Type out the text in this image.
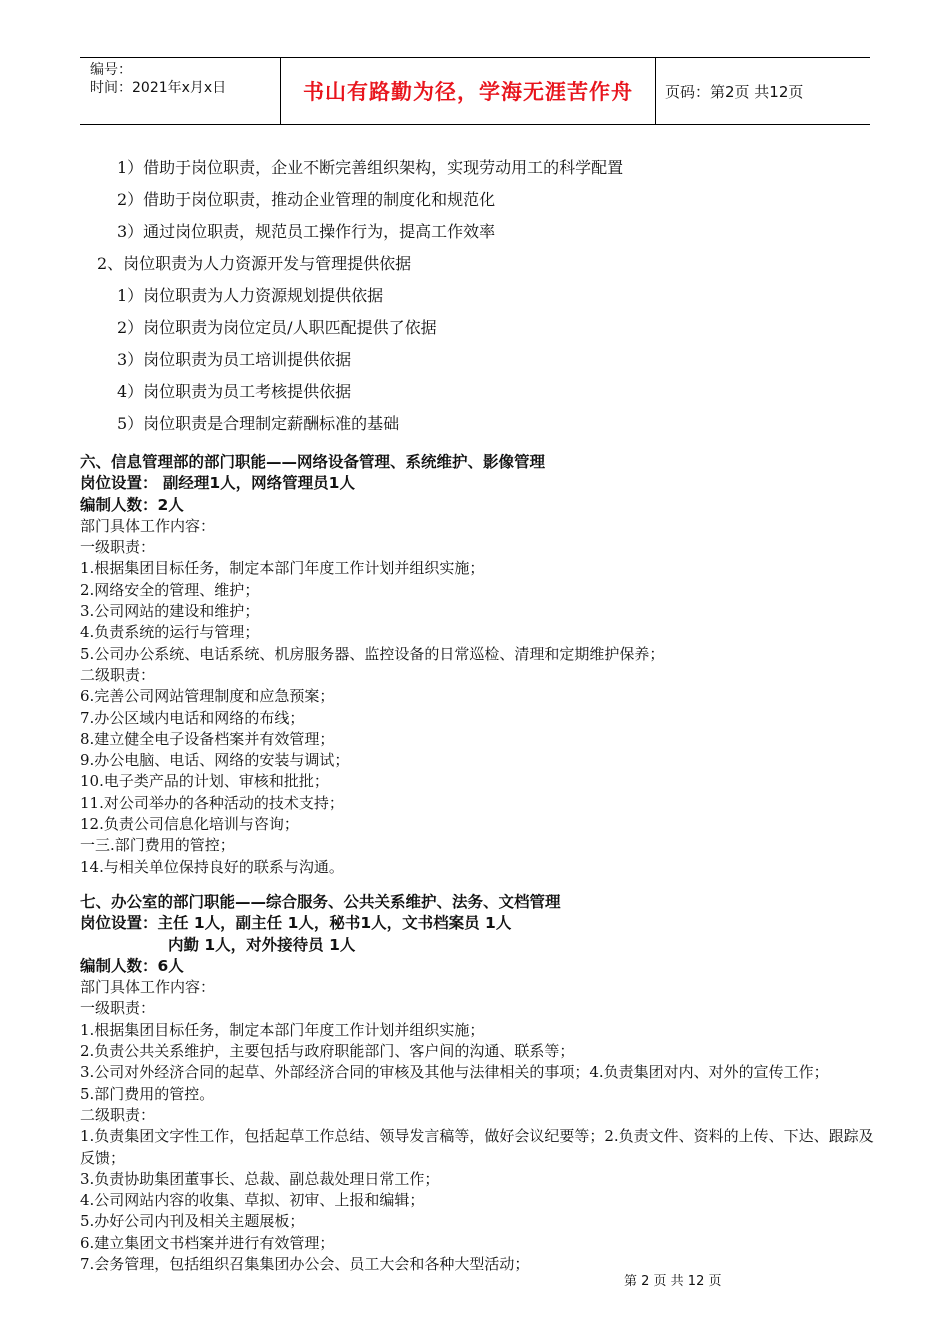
编号：
时间：2021年x月x日	书山有路勤为径，学海无涯苦作舟 页码：第2页 共12页
1）借助于岗位职责，企业不断完善组织架构，实现劳动用工的科学配置
2）借助于岗位职责，推动企业管理的制度化和规范化
3）通过岗位职责，规范员工操作行为，提高工作效率
2、岗位职责为人力资源开发与管理提供依据
1）岗位职责为人力资源规划提供依据
2）岗位职责为岗位定员/人职匹配提供了依据
3）岗位职责为员工培训提供依据
4）岗位职责为员工考核提供依据
5）岗位职责是合理制定薪酬标准的基础

六、信息管理部的部门职能——网络设备管理、系统维护、影像管理

岗位设置： 副经理1人，网络管理员1人

编制人数：2人

部门具体工作内容：

一级职责：

1.根据集团目标任务，制定本部门年度工作计划并组织实施；

2.网络安全的管理、维护；

3.公司网站的建设和维护；

4.负责系统的运行与管理；

5.公司办公系统、电话系统、机房服务器、监控设备的日常巡检、清理和定期维护保养；

二级职责：

6.完善公司网站管理制度和应急预案；

7.办公区域内电话和网络的布线；

8.建立健全电子设备档案并有效管理；

9.办公电脑、电话、网络的安装与调试；

10.电子类产品的计划、审核和批批；

11.对公司举办的各种活动的技术支持；

12.负责公司信息化培训与咨询；

一三.部门费用的管控；

14.与相关单位保持良好的联系与沟通。

七、办公室的部门职能——综合服务、公共关系维护、法务、文档管理

岗位设置：主任 1人，副主任 1人，秘书1人，文书档案员 1人

内勤 1人，对外接待员 1人

编制人数：6人

部门具体工作内容：

一级职责：

1.根据集团目标任务，制定本部门年度工作计划并组织实施；

2.负责公共关系维护，主要包括与政府职能部门、客户间的沟通、联系等；

3.公司对外经济合同的起草、外部经济合同的审核及其他与法律相关的事项；4.负责集团对内、对外的宣传工作；

5.部门费用的管控。

二级职责：

1.负责集团文字性工作，包括起草工作总结、领导发言稿等，做好会议纪要等；2.负责文件、资料的上传、下达、跟踪及反馈；

3.负责协助集团董事长、总裁、副总裁处理日常工作；

4.公司网站内容的收集、草拟、初审、上报和编辑；

5.办好公司内刊及相关主题展板；

6.建立集团文书档案并进行有效管理；

7.会务管理，包括组织召集集团办公会、员工大会和各种大型活动；

第 2 页 共 12 页
